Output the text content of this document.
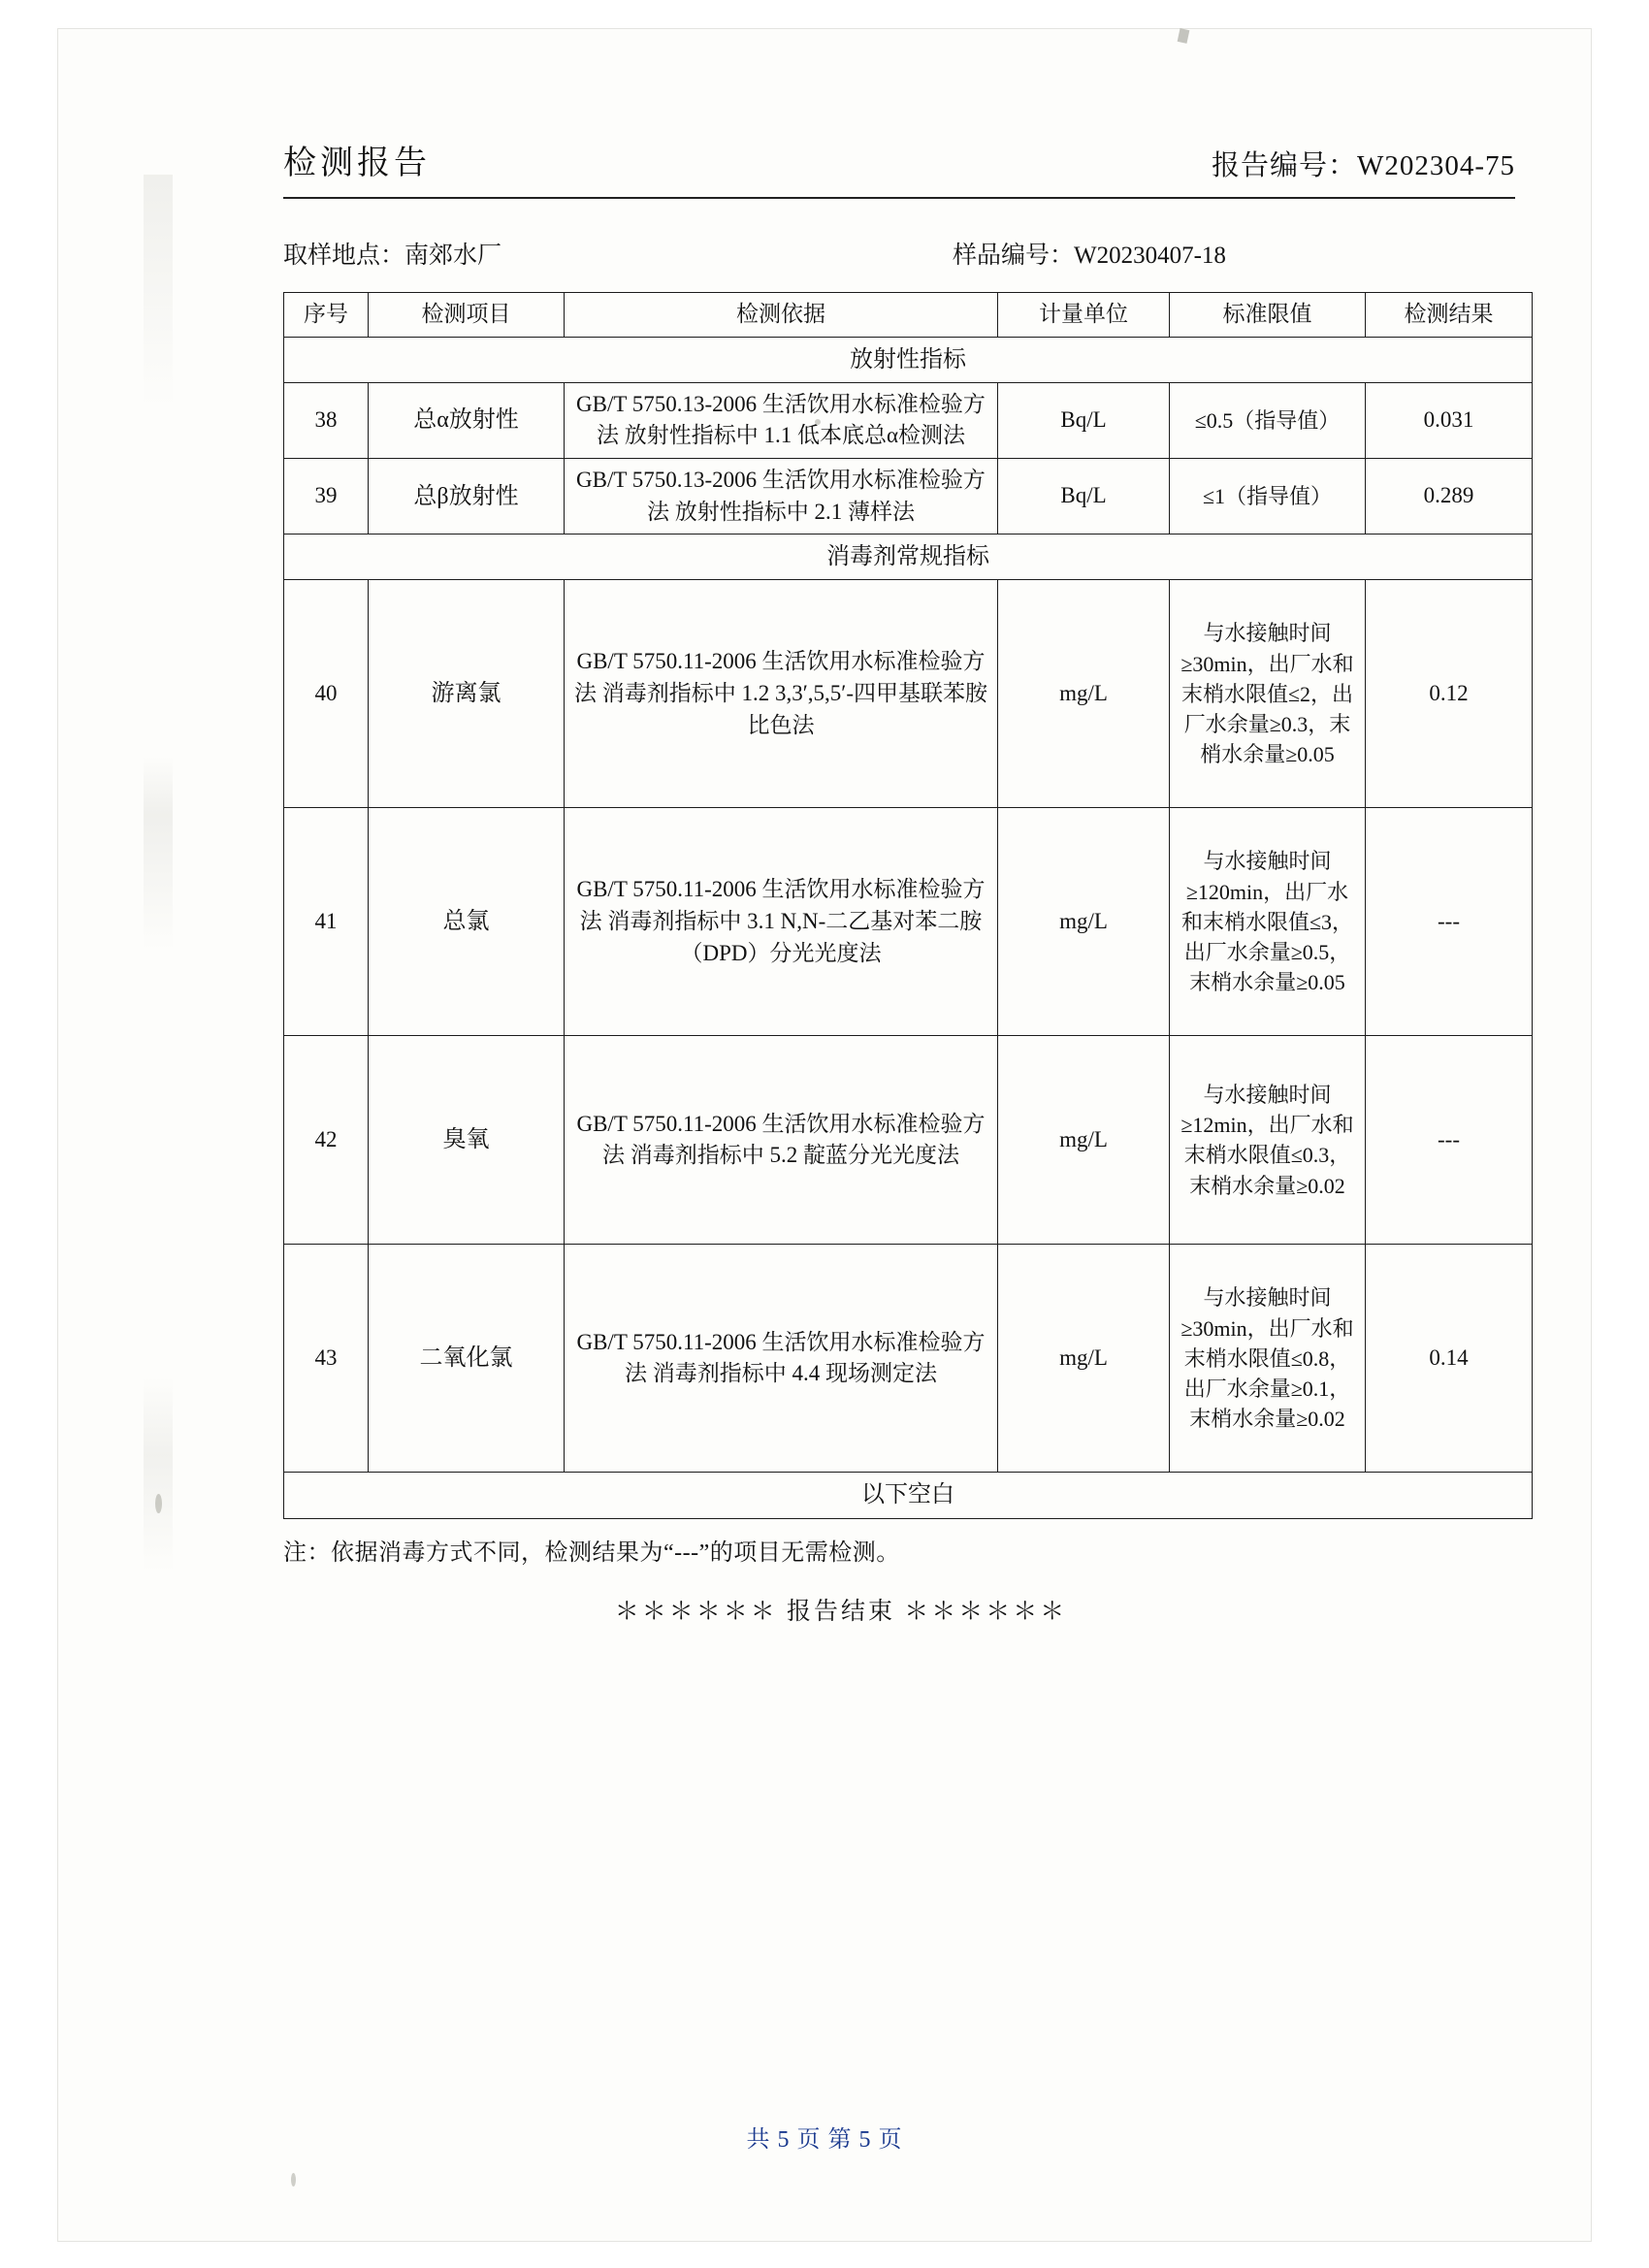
检测报告	报告编号：W202304-75
取样地点：南郊水厂	样品编号：W20230407-18
序号	检测项目	检测依据	计量单位	标准限值	检测结果
放射性指标					
38	总α放射性	GB/T 5750.13-2006 生活饮用水标准检验方法 放射性指标中 1.1 低本底总α检测法	Bq/L	≤0.5（指导值）	0.031
39	总β放射性	GB/T 5750.13-2006 生活饮用水标准检验方法 放射性指标中 2.1 薄样法	Bq/L	≤1（指导值）	0.289
消毒剂常规指标					
40	游离氯	GB/T 5750.11-2006 生活饮用水标准检验方法 消毒剂指标中 1.2 3,3′,5,5′-四甲基联苯胺比色法	mg/L	与水接触时间≥30min，出厂水和末梢水限值≤2，出厂水余量≥0.3，末梢水余量≥0.05	0.12
41	总氯	GB/T 5750.11-2006 生活饮用水标准检验方法 消毒剂指标中 3.1 N,N-二乙基对苯二胺（DPD）分光光度法	mg/L	与水接触时间≥120min，出厂水和末梢水限值≤3，出厂水余量≥0.5，末梢水余量≥0.05	---
42	臭氧	GB/T 5750.11-2006 生活饮用水标准检验方法 消毒剂指标中 5.2 靛蓝分光光度法	mg/L	与水接触时间≥12min，出厂水和末梢水限值≤0.3，末梢水余量≥0.02	---
43	二氧化氯	GB/T 5750.11-2006 生活饮用水标准检验方法 消毒剂指标中 4.4 现场测定法	mg/L	与水接触时间≥30min，出厂水和末梢水限值≤0.8，出厂水余量≥0.1，末梢水余量≥0.02	0.14
以下空白					
注：依据消毒方式不同，检测结果为“---”的项目无需检测。
＊＊＊＊＊＊ 报告结束 ＊＊＊＊＊＊
共 5 页 第 5 页
